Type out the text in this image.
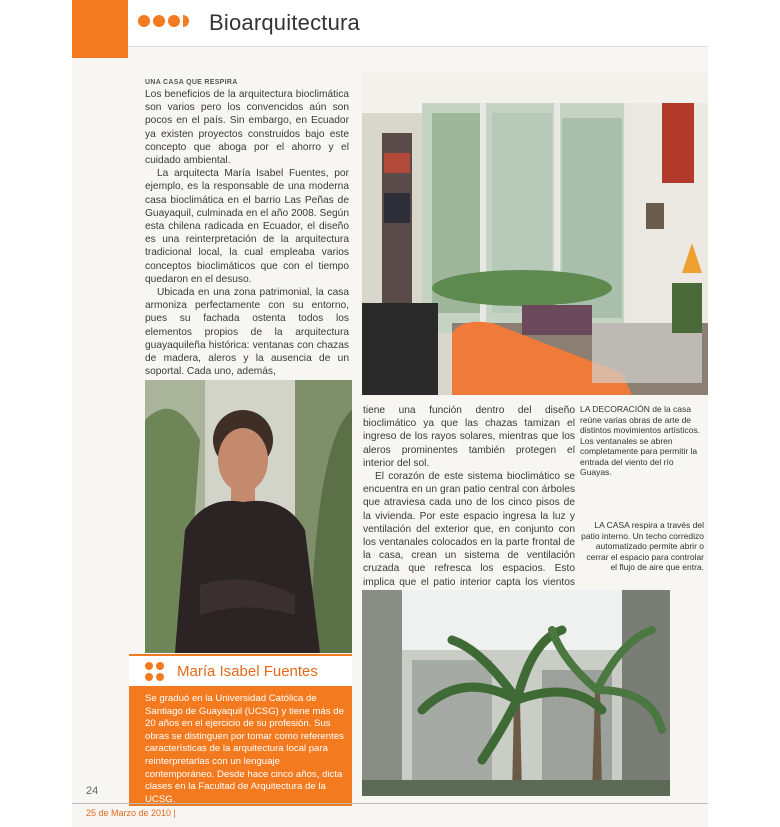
Bioarquitectura
UNA CASA QUE RESPIRA

Los beneficios de la arquitectura bioclimática son varios pero los convencidos aún son pocos en el país. Sin embargo, en Ecuador ya existen proyectos construidos bajo este concepto que aboga por el ahorro y el cuidado ambiental.

La arquitecta María Isabel Fuentes, por ejemplo, es la responsable de una moderna casa bioclimática en el barrio Las Peñas de Guayaquil, culminada en el año 2008. Según esta chilena radicada en Ecuador, el diseño es una reinterpretación de la arquitectura tradicional local, la cual empleaba varios conceptos bioclimáticos que con el tiempo quedaron en el desuso.

Ubicada en una zona patrimonial, la casa armoniza perfectamente con su entorno, pues su fachada ostenta todos los elementos propios de la arquitectura guayaquileña histórica: ventanas con chazas de madera, aleros y la ausencia de un soportal. Cada uno, además,

tiene una función dentro del diseño bioclimático ya que las chazas tamizan el ingreso de los rayos solares, mientras que los aleros prominentes también protegen el interior del sol.

El corazón de este sistema bioclimático se encuentra en un gran patio central con árboles que atraviesa cada uno de los cinco pisos de la vivienda. Por este espacio ingresa la luz y ventilación del exterior que, en conjunto con los ventanales colocados en la parte frontal de la casa, crean un sistema de ventilación cruzada que refresca los espacios. Esto implica que el patio interior capta los vientos

LA DECORACIÓN de la casa reúne varias obras de arte de distintos movimientos artísticos. Los ventanales se abren completamente para permitir la entrada del viento del río Guayas.
LA CASA respira a través del patio interno. Un techo corredizo automatizado permite abrir o cerrar el espacio para controlar el flujo de aire que entra.
María Isabel Fuentes
Se graduó en la Universidad Católica de Santiago de Guayaquil (UCSG) y tiene más de 20 años en el ejercicio de su profesión. Sus obras se distinguen por tomar como referentes características de la arquitectura local para reinterpretarlas con un lenguaje contemporáneo. Desde hace cinco años, dicta clases en la Facultad de Arquitectura de la UCSG.
24
25 de Marzo de 2010 |
